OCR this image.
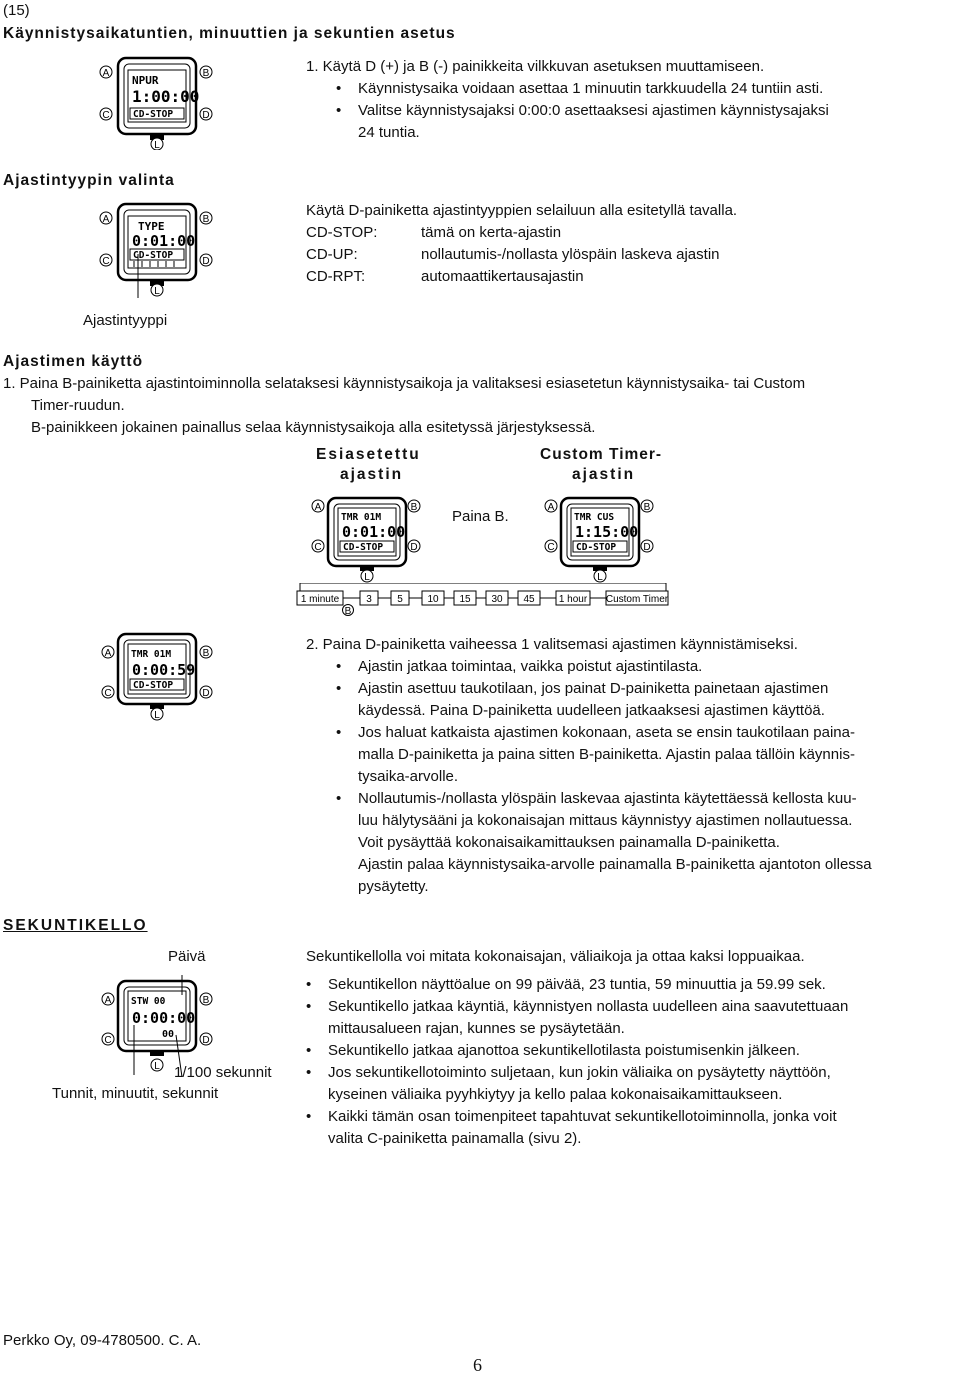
(15)
Käynnistysaikatuntien, minuuttien ja sekuntien asetus
NPUR
1:00:00
CD-STOP
A	B
C	D
L
1. Käytä D (+) ja B (-) painikkeita vilkkuvan asetuksen muuttamiseen.
• Käynnistysaika voidaan asettaa 1 minuutin tarkkuudella 24 tuntiin asti.
• Valitse käynnistysajaksi 0:00:0 asettaaksesi ajastimen käynnistysajaksi
24 tuntia.
Ajastintyypin valinta
TYPE
0:01:00
CD-STOP
A	B
C	D
L
Käytä D-painiketta ajastintyyppien selailuun alla esitetyllä tavalla.
CD-STOP:	tämä on kerta-ajastin
CD-UP:	nollautumis-/nollasta ylöspäin laskeva ajastin
CD-RPT:	automaattikertausajastin
Ajastintyyppi
Ajastimen käyttö
1. Paina B-painiketta ajastintoiminnolla selataksesi käynnistysaikoja ja valitaksesi esiasetetun käynnistysaika- tai Custom
Timer-ruudun.
B-painikkeen jokainen painallus selaa käynnistysaikoja alla esitetyssä järjestyksessä.
Esiasetettu
ajastin
Custom Timer-
ajastin
TMR 01M
0:01:00
CD-STOP
A	B
C	D
L
Paina B.	TMR CUS
1:15:00
CD-STOP
A	B
C	D
L
1 minute	3	5 10 15 30 45 1 hour Custom Timer
B
TMR 01M
0:00:59
CD-STOP
A	B
C	D
L
2. Paina D-painiketta vaiheessa 1 valitsemasi ajastimen käynnistämiseksi.
• Ajastin jatkaa toimintaa, vaikka poistut ajastintilasta.
• Ajastin asettuu taukotilaan, jos painat D-painiketta painetaan ajastimen
käydessä. Paina D-painiketta uudelleen jatkaaksesi ajastimen käyttöä.
• Jos haluat katkaista ajastimen kokonaan, aseta se ensin taukotilaan paina-
malla D-painiketta ja paina sitten B-painiketta. Ajastin palaa tällöin käynnis-
tysaika-arvolle.
• Nollautumis-/nollasta ylöspäin laskevaa ajastinta käytettäessä kellosta kuu-
luu hälytysääni ja kokonaisajan mittaus käynnistyy ajastimen nollautuessa.
Voit pysäyttää kokonaisaikamittauksen painamalla D-painiketta.
Ajastin palaa käynnistysaika-arvolle painamalla B-painiketta ajantoton ollessa
pysäytetty.
SEKUNTIKELLO
Päivä
STW 00
0:00:00
00
A	B
C	D
L 1/100 sekunnit
Tunnit, minuutit, sekunnit
Sekuntikellolla voi mitata kokonaisajan, väliaikoja ja ottaa kaksi loppuaikaa.
• Sekuntikellon näyttöalue on 99 päivää, 23 tuntia, 59 minuuttia ja 59.99 sek.
• Sekuntikello jatkaa käyntiä, käynnistyen nollasta uudelleen aina saavutettuaan
mittausalueen rajan, kunnes se pysäytetään.
• Sekuntikello jatkaa ajanottoa sekuntikellotilasta poistumisenkin jälkeen.
• Jos sekuntikellotoiminto suljetaan, kun jokin väliaika on pysäytetty näyttöön,
kyseinen väliaika pyyhkiytyy ja kello palaa kokonaisaikamittaukseen.
• Kaikki tämän osan toimenpiteet tapahtuvat sekuntikellotoiminnolla, jonka voit
valita C-painiketta painamalla (sivu 2).
Perkko Oy, 09-4780500. C. A.
6
